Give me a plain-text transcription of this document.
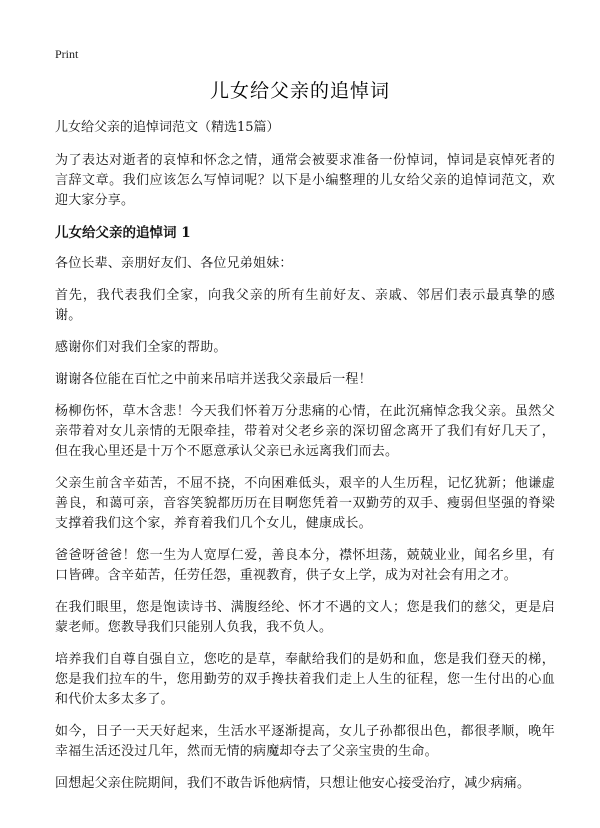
Print
儿女给父亲的追悼词

儿女给父亲的追悼词范文（精选15篇）

为了表达对逝者的哀悼和怀念之情，通常会被要求准备一份悼词，悼词是哀悼死者的言辞文章。我们应该怎么写悼词呢？以下是小编整理的儿女给父亲的追悼词范文，欢迎大家分享。

儿女给父亲的追悼词 1

各位长辈、亲朋好友们、各位兄弟姐妹：

首先，我代表我们全家，向我父亲的所有生前好友、亲戚、邻居们表示最真挚的感谢。

感谢你们对我们全家的帮助。

谢谢各位能在百忙之中前来吊唁并送我父亲最后一程！

杨柳伤怀，草木含悲！今天我们怀着万分悲痛的心情，在此沉痛悼念我父亲。虽然父亲带着对女儿亲情的无限牵挂，带着对父老乡亲的深切留念离开了我们有好几天了，但在我心里还是十万个不愿意承认父亲已永远离我们而去。

父亲生前含辛茹苦，不屈不挠，不向困难低头，艰辛的人生历程，记忆犹新；他谦虚善良，和蔼可亲，音容笑貌都历历在目啊您凭着一双勤劳的双手、瘦弱但坚强的脊梁支撑着我们这个家，养育着我们几个女儿，健康成长。

爸爸呀爸爸！您一生为人宽厚仁爱，善良本分，襟怀坦荡，兢兢业业，闻名乡里，有口皆碑。含辛茹苦，任劳任怨，重视教育，供子女上学，成为对社会有用之才。

在我们眼里，您是饱读诗书、满腹经纶、怀才不遇的文人；您是我们的慈父，更是启蒙老师。您教导我们只能别人负我，我不负人。

培养我们自尊自强自立，您吃的是草，奉献给我们的是奶和血，您是我们登天的梯，您是我们拉车的牛，您用勤劳的双手搀扶着我们走上人生的征程，您一生付出的心血和代价太多太多了。

如今，日子一天天好起来，生活水平逐渐提高，女儿子孙都很出色，都很孝顺，晚年幸福生活还没过几年，然而无情的病魔却夺去了父亲宝贵的生命。

回想起父亲住院期间，我们不敢告诉他病情，只想让他安心接受治疗，减少病痛。
